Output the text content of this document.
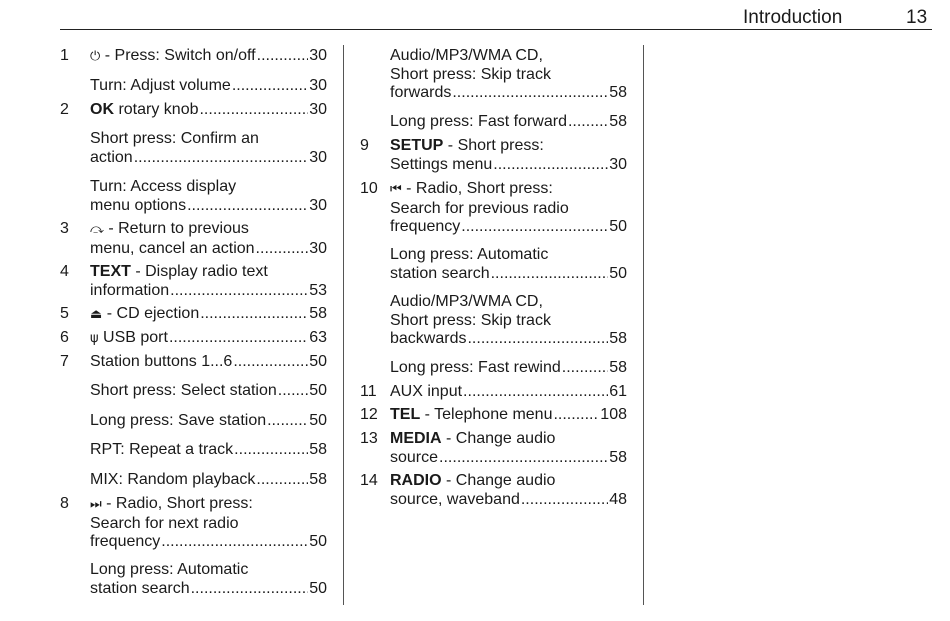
Introduction	13
1 ⏻ - Press: Switch on/off .....	30
Turn: Adjust volume .....	30
2 OK rotary knob .....	30
Short press: Confirm an
action .....	30
Turn: Access display
menu options .....	30
3 ⤼ - Return to previous
menu, cancel an action .....	30
4 TEXT - Display radio text
information .....	53
5 ⏏ - CD ejection .....	58
6 ψ USB port .....	63
7 Station buttons 1...6 .....	50
Short press: Select station ..... 50
Long press: Save station .....	50
RPT: Repeat a track .....	58
MIX: Random playback .....	58
8 ⏭ - Radio, Short press:
Search for next radio
frequency .....	50
Long press: Automatic
station search .....	50
Audio/MP3/WMA CD,
Short press: Skip track
forwards .....	58
Long press: Fast forward .....	58
9 SETUP - Short press:
Settings menu .....	30
10 ⏮ - Radio, Short press:
Search for previous radio
frequency .....	50
Long press: Automatic
station search .....	50
Audio/MP3/WMA CD,
Short press: Skip track
backwards .....	58
Long press: Fast rewind .....	58
11 AUX input .....	61
12 TEL - Telephone menu .....	108
13 MEDIA - Change audio
source .....	58
14 RADIO - Change audio
source, waveband .....	48
